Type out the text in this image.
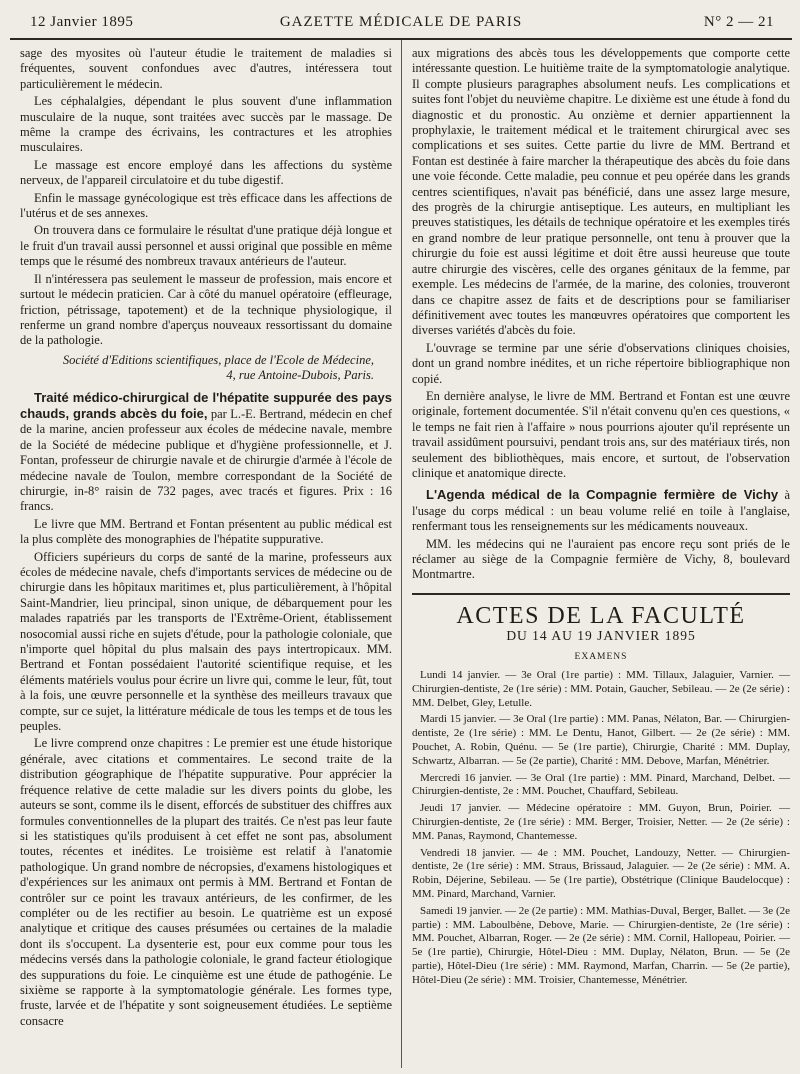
12 Janvier 1895	GAZETTE MÉDICALE DE PARIS	N° 2 — 21

sage des myosites où l'auteur étudie le traitement de maladies si fréquentes, souvent confondues avec d'autres, intéressera tout particulièrement le médecin.

Les céphalalgies, dépendant le plus souvent d'une inflammation musculaire de la nuque, sont traitées avec succès par le massage. De même la crampe des écrivains, les contractures et les atrophies musculaires.

Le massage est encore employé dans les affections du système nerveux, de l'appareil circulatoire et du tube digestif.

Enfin le massage gynécologique est très efficace dans les affections de l'utérus et de ses annexes.

On trouvera dans ce formulaire le résultat d'une pratique déjà longue et le fruit d'un travail aussi personnel et aussi original que possible en même temps que le résumé des nombreux travaux antérieurs de l'auteur.

Il n'intéressera pas seulement le masseur de profession, mais encore et surtout le médecin praticien. Car à côté du manuel opératoire (effleurage, friction, pétrissage, tapotement) et de la technique physiologique, il renferme un grand nombre d'aperçus nouveaux ressortissant du domaine de la pathologie.

Société d'Editions scientifiques, place de l'Ecole de Médecine,
4, rue Antoine-Dubois, Paris.

Traité médico-chirurgical de l'hépatite suppurée des pays chauds, grands abcès du foie, par L.-E. Bertrand, médecin en chef de la marine, ancien professeur aux écoles de médecine navale, membre de la Société de médecine publique et d'hygiène professionnelle, et J. Fontan, professeur de chirurgie navale et de chirurgie d'armée à l'école de médecine navale de Toulon, membre correspondant de la Société de chirurgie, in-8° raisin de 732 pages, avec tracés et figures. Prix : 16 francs.

Le livre que MM. Bertrand et Fontan présentent au public médical est la plus complète des monographies de l'hépatite suppurative.

Officiers supérieurs du corps de santé de la marine, professeurs aux écoles de médecine navale, chefs d'importants services de médecine ou de chirurgie dans les hôpitaux maritimes et, plus particulièrement, à l'hôpital Saint-Mandrier, lieu principal, sinon unique, de débarquement pour les malades rapatriés par les transports de l'Extrême-Orient, établissement nosocomial aussi riche en sujets d'étude, pour la pathologie coloniale, que n'importe quel hôpital du plus malsain des pays intertropicaux. MM. Bertrand et Fontan possédaient l'autorité scientifique requise, et les éléments matériels voulus pour écrire un livre qui, comme le leur, fût, tout à la fois, une œuvre personnelle et la synthèse des meilleurs travaux que compte, sur ce sujet, la littérature médicale de tous les temps et de tous les peuples.

Le livre comprend onze chapitres : Le premier est une étude historique générale, avec citations et commentaires. Le second traite de la distribution géographique de l'hépatite suppurative. Pour apprécier la fréquence relative de cette maladie sur les divers points du globe, les auteurs se sont, comme ils le disent, efforcés de substituer des chiffres aux formules conventionnelles de la plupart des traités. Ce n'est pas leur faute si les statistiques qu'ils produisent à cet effet ne sont pas, absolument toutes, récentes et inédites. Le troisième est relatif à l'anatomie pathologique. Un grand nombre de nécropsies, d'examens histologiques et d'expériences sur les animaux ont permis à MM. Bertrand et Fontan de contrôler sur ce point les travaux antérieurs, de les confirmer, de les compléter ou de les rectifier au besoin. Le quatrième est un exposé analytique et critique des causes présumées ou certaines de la maladie dont ils s'occupent. La dysenterie est, pour eux comme pour tous les médecins versés dans la pathologie coloniale, le grand facteur étiologique des suppurations du foie. Le cinquième est une étude de pathogénie. Le sixième se rapporte à la symptomatologie générale. Les formes type, fruste, larvée et de l'hépatite y sont soigneusement étudiées. Le septième consacre

aux migrations des abcès tous les développements que comporte cette intéressante question. Le huitième traite de la symptomatologie analytique. Il compte plusieurs paragraphes absolument neufs. Les complications et suites font l'objet du neuvième chapitre. Le dixième est une étude à fond du diagnostic et du pronostic. Au onzième et dernier appartiennent la prophylaxie, le traitement médical et le traitement chirurgical avec ses complications et ses suites. Cette partie du livre de MM. Bertrand et Fontan est destinée à faire marcher la thérapeutique des abcès du foie dans une voie féconde. Cette maladie, peu connue et peu opérée dans les grands centres scientifiques, n'avait pas bénéficié, dans une assez large mesure, des progrès de la chirurgie antiseptique. Les auteurs, en multipliant les preuves statistiques, les détails de technique opératoire et les exemples tirés en grand nombre de leur pratique personnelle, ont tenu à prouver que la chirurgie du foie est aussi légitime et doit être aussi heureuse que toute autre chirurgie des viscères, celle des organes génitaux de la femme, par exemple. Les médecins de l'armée, de la marine, des colonies, trouveront dans ce chapitre assez de faits et de descriptions pour se familiariser définitivement avec toutes les manœuvres opératoires que comportent les diverses variétés d'abcès du foie.

L'ouvrage se termine par une série d'observations cliniques choisies, dont un grand nombre inédites, et un riche répertoire bibliographique non copié.

En dernière analyse, le livre de MM. Bertrand et Fontan est une œuvre originale, fortement documentée. S'il n'était convenu qu'en ces questions, « le temps ne fait rien à l'affaire » nous pourrions ajouter qu'il représente un travail assidûment poursuivi, pendant trois ans, sur des matériaux tirés, non seulement des bibliothèques, mais encore, et surtout, de l'observation clinique et anatomique directe.

L'Agenda médical de la Compagnie fermière de Vichy à l'usage du corps médical : un beau volume relié en toile à l'anglaise, renfermant tous les renseignements sur les médicaments nouveaux.

MM. les médecins qui ne l'auraient pas encore reçu sont priés de le réclamer au siège de la Compagnie fermière de Vichy, 8, boulevard Montmartre.

ACTES DE LA FACULTÉ
DU 14 AU 19 JANVIER 1895
EXAMENS

Lundi 14 janvier. — 3e Oral (1re partie) : MM. Tillaux, Jalaguier, Varnier. — Chirurgien-dentiste, 2e (1re série) : MM. Potain, Gaucher, Sebileau. — 2e (2e série) : MM. Delbet, Gley, Letulle.

Mardi 15 janvier. — 3e Oral (1re partie) : MM. Panas, Nélaton, Bar. — Chirurgien-dentiste, 2e (1re série) : MM. Le Dentu, Hanot, Gilbert. — 2e (2e série) : MM. Pouchet, A. Robin, Quénu. — 5e (1re partie), Chirurgie, Charité : MM. Duplay, Schwartz, Albarran. — 5e (2e partie), Charité : MM. Debove, Marfan, Ménétrier.

Mercredi 16 janvier. — 3e Oral (1re partie) : MM. Pinard, Marchand, Delbet. — Chirurgien-dentiste, 2e : MM. Pouchet, Chauffard, Sebileau.

Jeudi 17 janvier. — Médecine opératoire : MM. Guyon, Brun, Poirier. — Chirurgien-dentiste, 2e (1re série) : MM. Berger, Troisier, Netter. — 2e (2e série) : MM. Panas, Raymond, Chantemesse.

Vendredi 18 janvier. — 4e : MM. Pouchet, Landouzy, Netter. — Chirurgien-dentiste, 2e (1re série) : MM. Straus, Brissaud, Jalaguier. — 2e (2e série) : MM. A. Robin, Déjerine, Sebileau. — 5e (1re partie), Obstétrique (Clinique Baudelocque) : MM. Pinard, Marchand, Varnier.

Samedi 19 janvier. — 2e (2e partie) : MM. Mathias-Duval, Berger, Ballet. — 3e (2e partie) : MM. Laboulbène, Debove, Marie. — Chirurgien-dentiste, 2e (1re série) : MM. Pouchet, Albarran, Roger. — 2e (2e série) : MM. Cornil, Hallopeau, Poirier. — 5e (1re partie), Chirurgie, Hôtel-Dieu : MM. Duplay, Nélaton, Brun. — 5e (2e partie), Hôtel-Dieu (1re série) : MM. Raymond, Marfan, Charrin. — 5e (2e partie), Hôtel-Dieu (2e série) : MM. Troisier, Chantemesse, Ménétrier.
